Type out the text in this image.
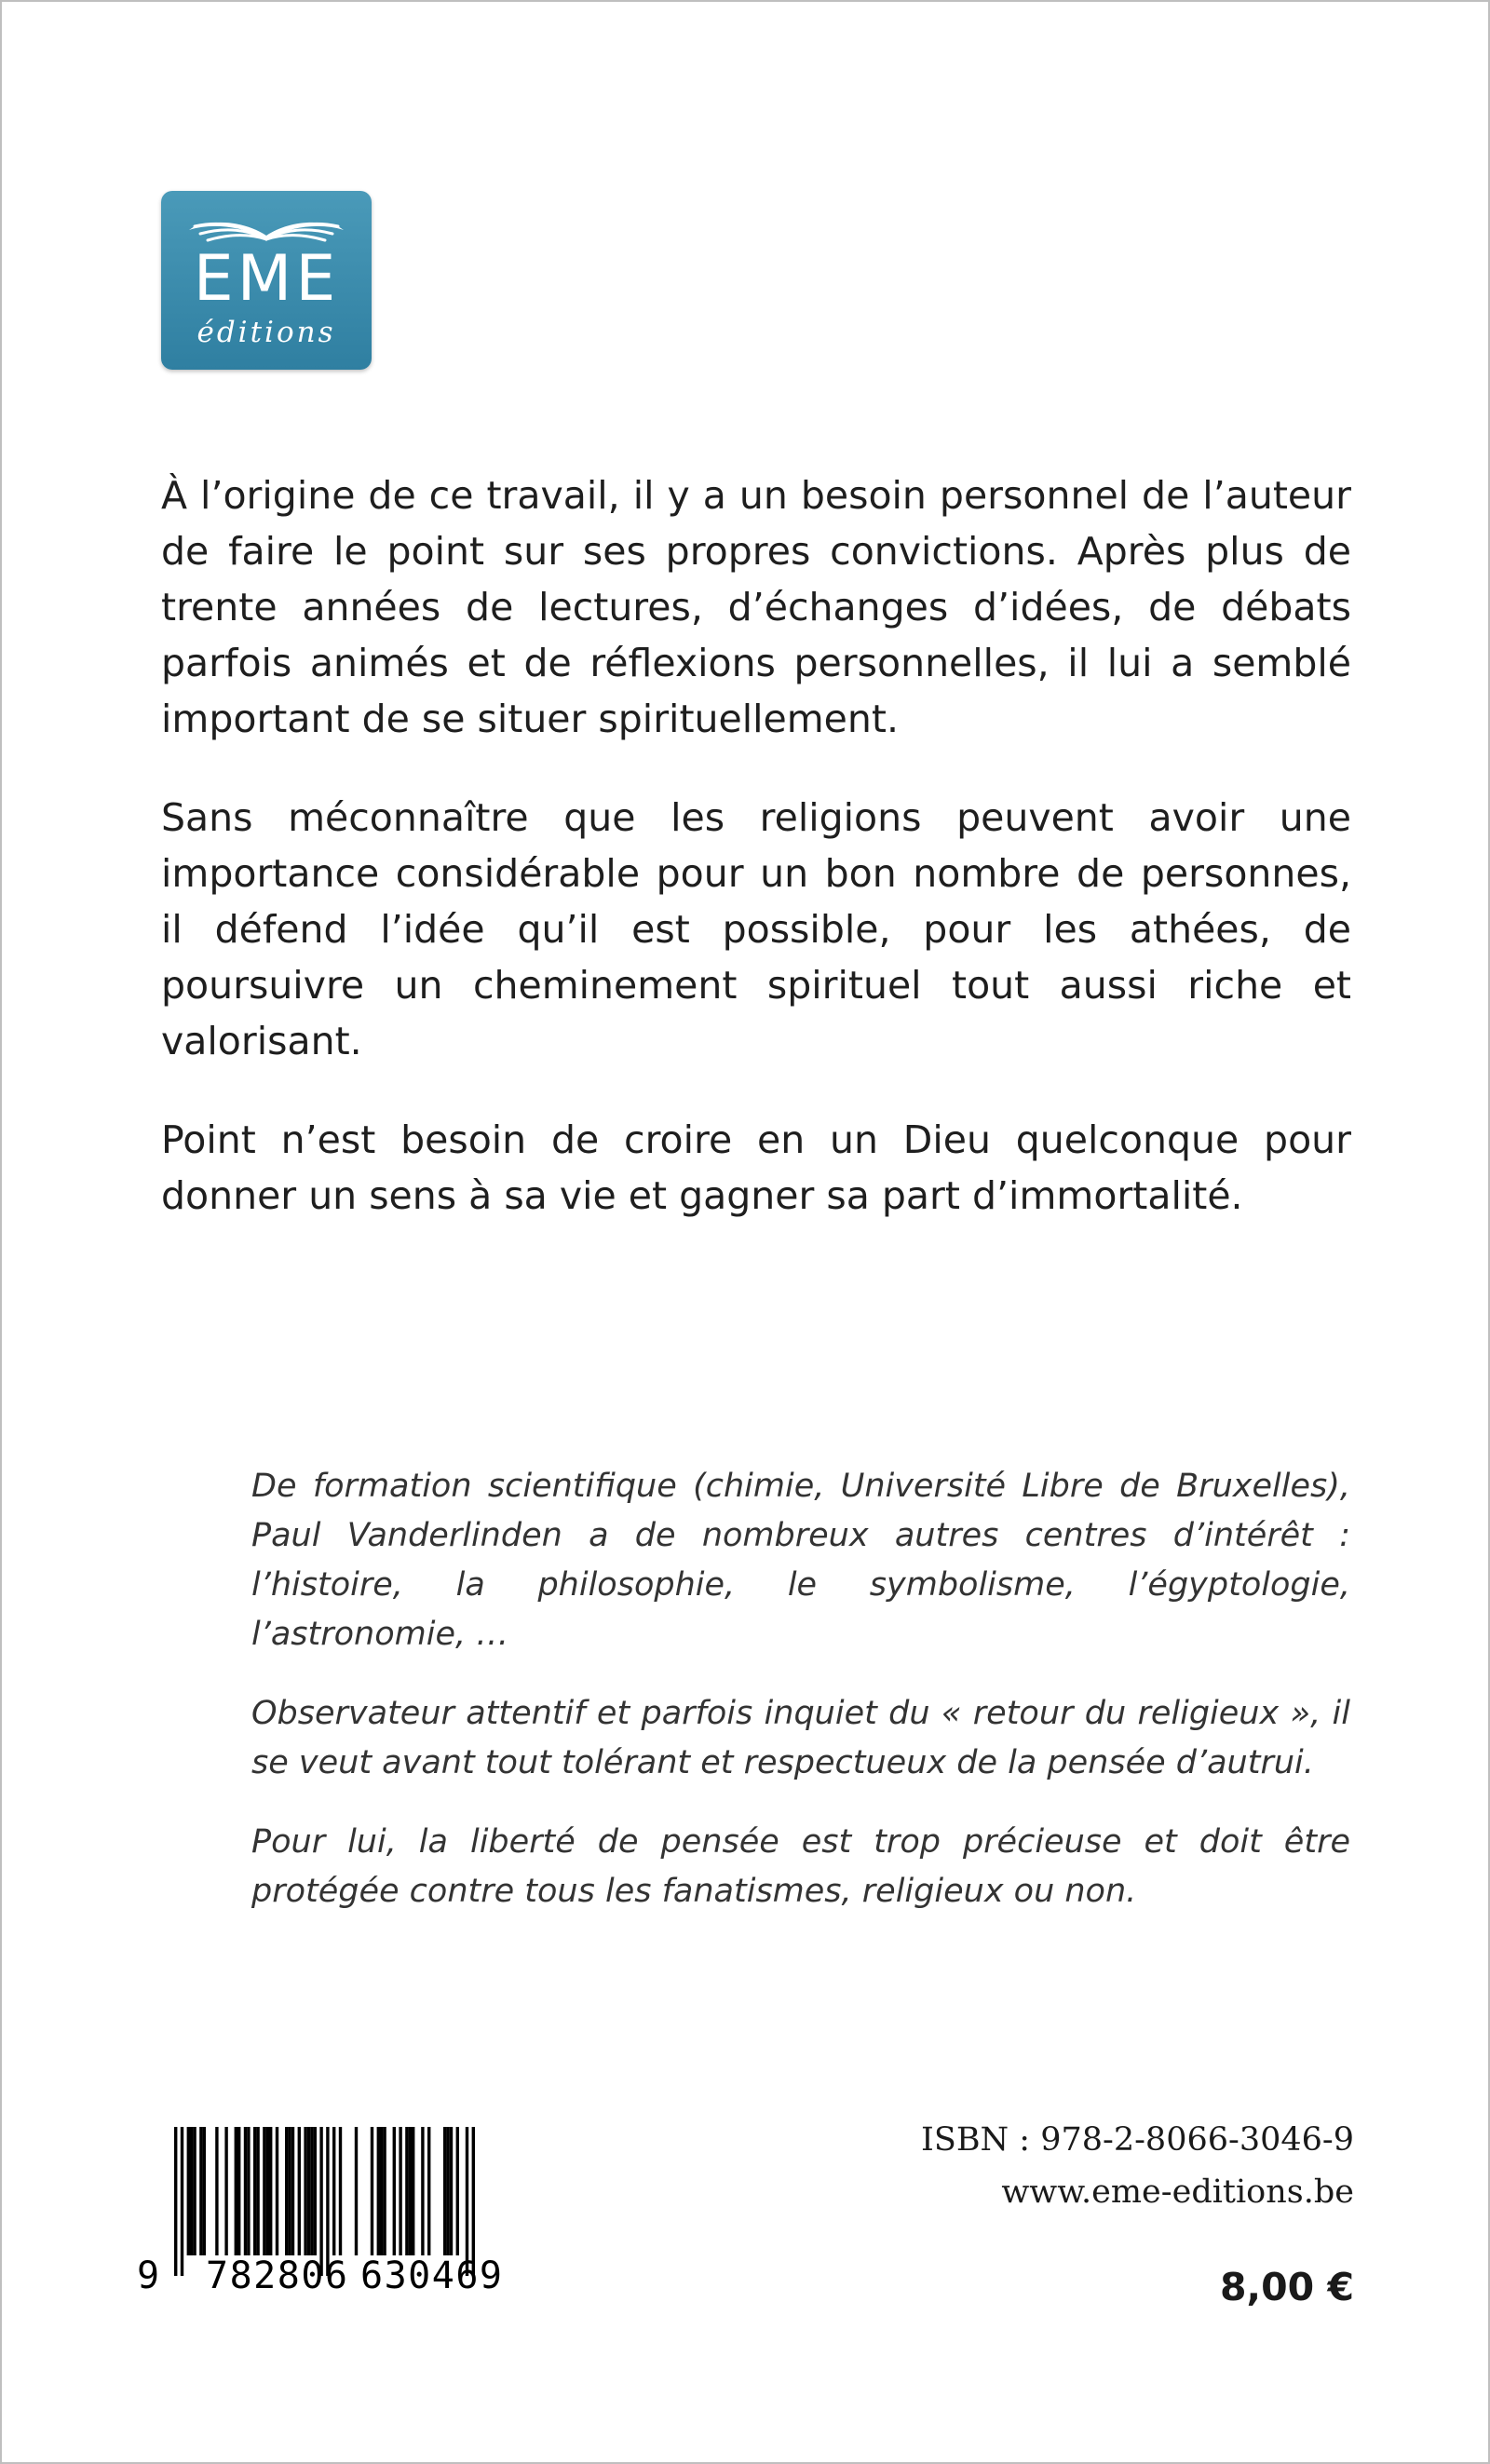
EME
éditions

À l’origine de ce travail, il y a un besoin personnel de l’auteur de faire le point sur ses propres convictions. Après plus de trente années de lectures, d’échanges d’idées, de débats parfois animés et de réflexions personnelles, il lui a semblé important de se situer spirituellement.

Sans méconnaître que les religions peuvent avoir une importance considérable pour un bon nombre de personnes, il défend l’idée qu’il est possible, pour les athées, de poursuivre un cheminement spirituel tout aussi riche et valorisant.

Point n’est besoin de croire en un Dieu quelconque pour donner un sens à sa vie et gagner sa part d’immortalité.

De formation scientifique (chimie, Université Libre de Bruxelles), Paul Vanderlinden a de nombreux autres centres d’intérêt : l’histoire, la philosophie, le symbolisme, l’égyptologie, l’astronomie, …

Observateur attentif et parfois inquiet du « retour du religieux », il se veut avant tout tolérant et respectueux de la pensée d’autrui.

Pour lui, la liberté de pensée est trop précieuse et doit être protégée contre tous les fanatismes, religieux ou non.

9 782806 630469
ISBN : 978-2-8066-3046-9
www.eme-editions.be
8,00 €
